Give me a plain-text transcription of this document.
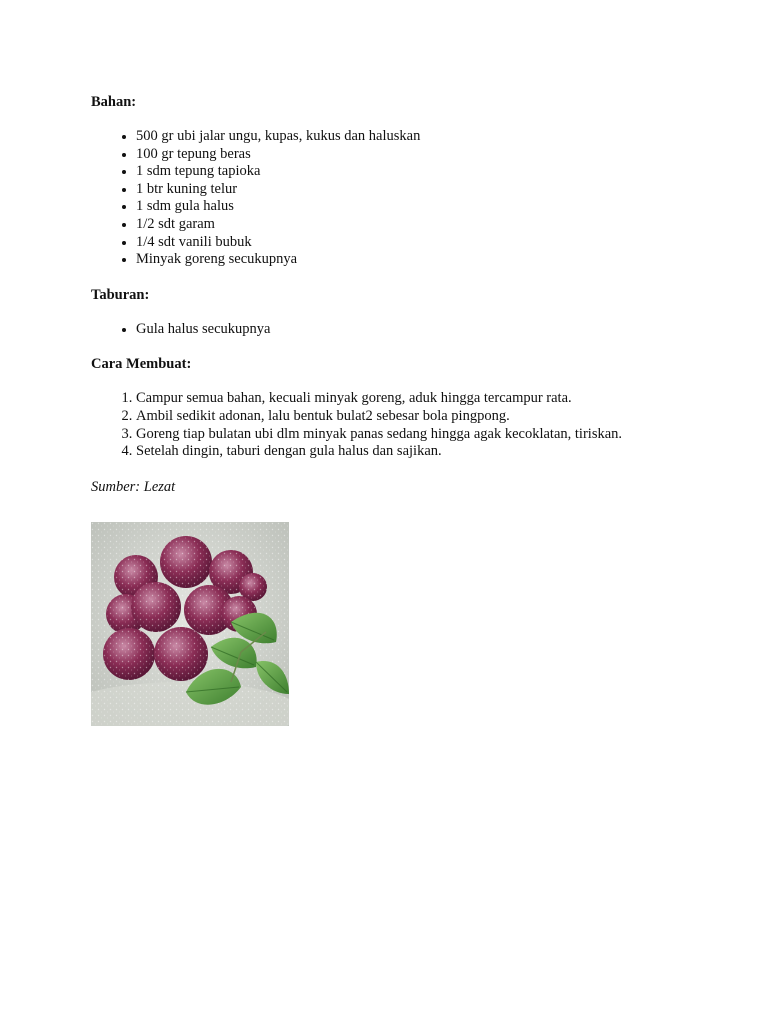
Bahan:
• 500 gr ubi jalar ungu, kupas, kukus dan haluskan
• 100 gr tepung beras
• 1 sdm tepung tapioka
• 1 btr kuning telur
• 1 sdm gula halus
• 1/2 sdt garam
• 1/4 sdt vanili bubuk
• Minyak goreng secukupnya
Taburan:
• Gula halus secukupnya
Cara Membuat:
1. Campur semua bahan, kecuali minyak goreng, aduk hingga tercampur rata.
2. Ambil sedikit adonan, lalu bentuk bulat2 sebesar bola pingpong.
3. Goreng tiap bulatan ubi dlm minyak panas sedang hingga agak kecoklatan, tiriskan.
4. Setelah dingin, taburi dengan gula halus dan sajikan.

Sumber: Lezat
